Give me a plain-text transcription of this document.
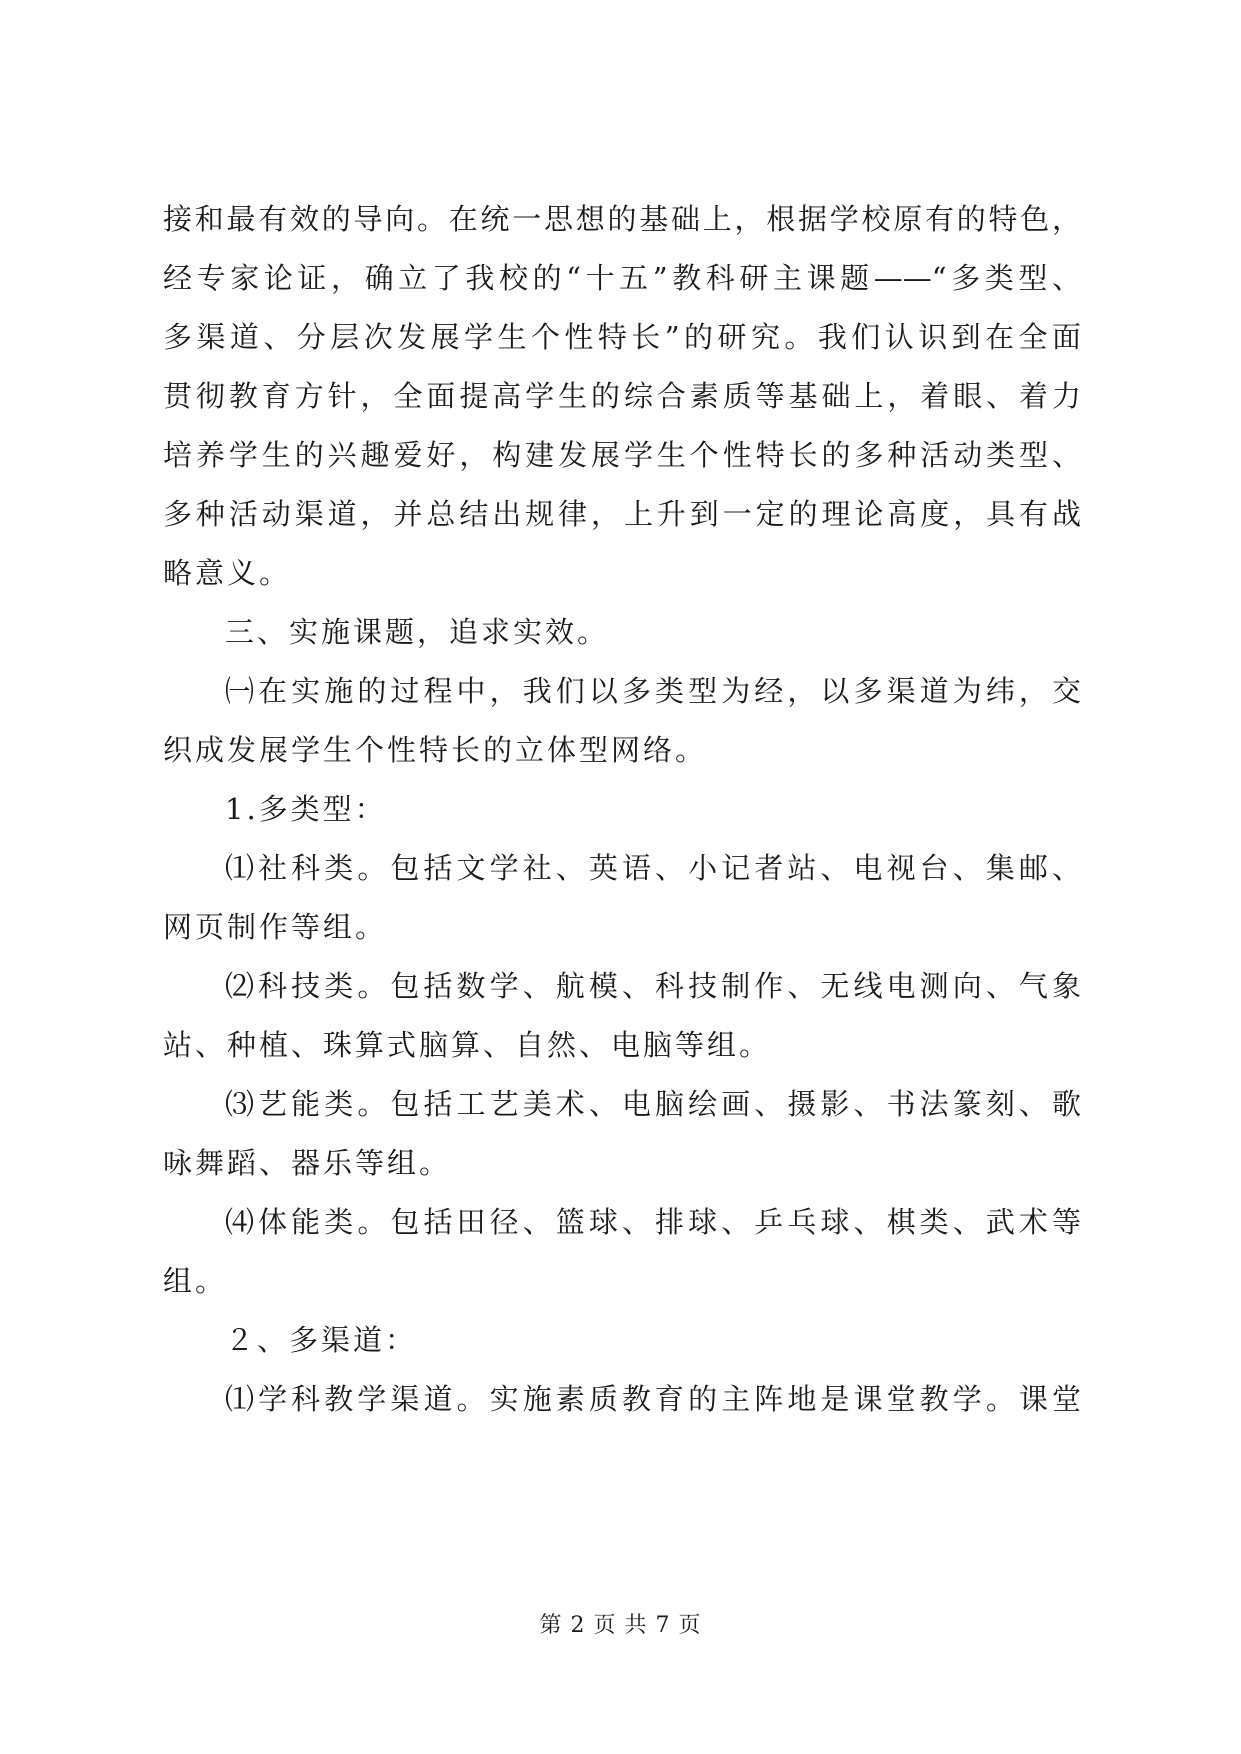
接和最有效的导向。在统一思想的基础上，根据学校原有的特色，
经专家论证，确立了我校的“十五”教科研主课题——“多类型、
多渠道、分层次发展学生个性特长”的研究。我们认识到在全面
贯彻教育方针，全面提高学生的综合素质等基础上，着眼、着力
培养学生的兴趣爱好，构建发展学生个性特长的多种活动类型、
多种活动渠道，并总结出规律，上升到一定的理论高度，具有战
略意义。
三、实施课题，追求实效。
㈠在实施的过程中，我们以多类型为经，以多渠道为纬，交
织成发展学生个性特长的立体型网络。
1.多类型：
⑴社科类。包括文学社、英语、小记者站、电视台、集邮、
网页制作等组。
⑵科技类。包括数学、航模、科技制作、无线电测向、气象
站、种植、珠算式脑算、自然、电脑等组。
⑶艺能类。包括工艺美术、电脑绘画、摄影、书法篆刻、歌
咏舞蹈、器乐等组。
⑷体能类。包括田径、篮球、排球、乒乓球、棋类、武术等
组。
２、多渠道：
⑴学科教学渠道。实施素质教育的主阵地是课堂教学。课堂
第 2 页 共 7 页
